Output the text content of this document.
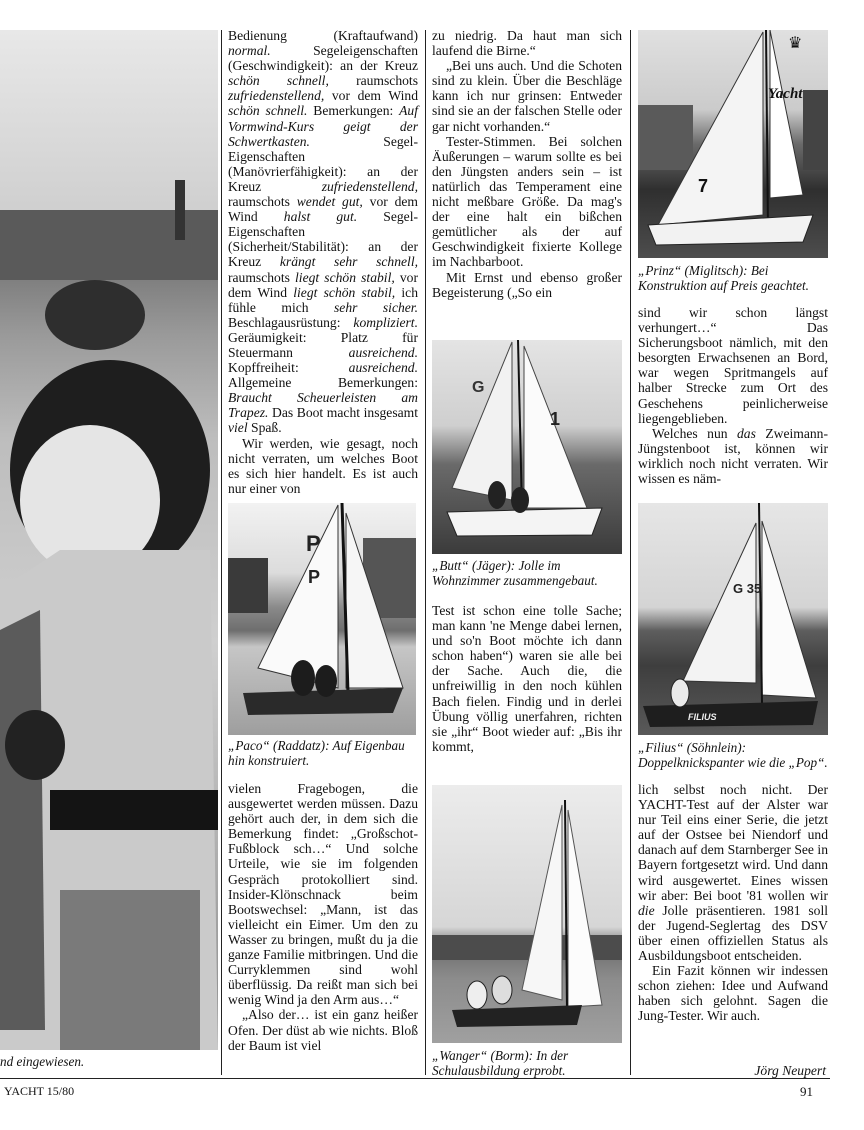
nd eingewiesen.

Bedienung (Kraftaufwand) normal. Segeleigenschaften (Geschwindigkeit): an der Kreuz schön schnell, raumschots zufriedenstellend, vor dem Wind schön schnell. Bemerkungen: Auf Vormwind-Kurs geigt der Schwertkasten. Segel-Eigenschaften (Manövrierfähigkeit): an der Kreuz zufriedenstellend, raumschots wendet gut, vor dem Wind halst gut. Segel-Eigenschaften (Sicherheit/Stabilität): an der Kreuz krängt sehr schnell, raumschots liegt schön stabil, vor dem Wind liegt schön stabil, ich fühle mich sehr sicher. Beschlagausrüstung: kompliziert. Geräumigkeit: Platz für Steuermann ausreichend. Kopffreiheit: ausreichend. Allgemeine Bemerkungen: Braucht Scheuerleisten am Trapez. Das Boot macht insgesamt viel Spaß.

Wir werden, wie gesagt, noch nicht verraten, um welches Boot es sich hier handelt. Es ist auch nur einer von

P
P
„Paco“ (Raddatz): Auf Eigenbau hin konstruiert.

vielen Fragebogen, die ausgewertet werden müssen. Dazu gehört auch der, in dem sich die Bemerkung findet: „Großschot-Fußblock sch…“ Und solche Urteile, wie sie im folgenden Gespräch protokolliert sind. Insider-Klönschnack beim Bootswechsel: „Mann, ist das vielleicht ein Eimer. Um den zu Wasser zu bringen, mußt du ja die ganze Familie mitbringen. Und die Curryklemmen sind wohl überflüssig. Da reißt man sich bei wenig Wind ja den Arm aus…“

„Also der… ist ein ganz heißer Ofen. Der düst ab wie nichts. Bloß der Baum ist viel

zu niedrig. Da haut man sich laufend die Birne.“

„Bei uns auch. Und die Schoten sind zu klein. Über die Beschläge kann ich nur grinsen: Entweder sind sie an der falschen Stelle oder gar nicht vorhanden.“

Tester-Stimmen. Bei solchen Äußerungen – warum sollte es bei den Jüngsten anders sein – ist natürlich das Temperament eine nicht meßbare Größe. Da mag's der eine halt ein bißchen gemütlicher als der auf Geschwindigkeit fixierte Kollege im Nachbarboot.

Mit Ernst und ebenso großer Begeisterung („So ein

G
1
„Butt“ (Jäger): Jolle im Wohnzimmer zusammengebaut.

Test ist schon eine tolle Sache; man kann 'ne Menge dabei lernen, und so'n Boot möchte ich dann schon haben“) waren sie alle bei der Sache. Auch die, die unfreiwillig in den noch kühlen Bach fielen. Findig und in derlei Übung völlig unerfahren, richten sie „ihr“ Boot wieder auf: „Bis ihr kommt,

„Wanger“ (Borm): In der Schulausbildung erprobt.
Yacht
7
♛
„Prinz“ (Miglitsch): Bei Konstruktion auf Preis geachtet.

sind wir schon längst verhungert…“ Das Sicherungsboot nämlich, mit den besorgten Erwachsenen an Bord, war wegen Spritmangels auf halber Strecke zum Ort des Geschehens peinlicherweise liegengeblieben.

Welches nun das Zweimann-Jüngstenboot ist, können wir wirklich noch nicht verraten. Wir wissen es näm-

G 35
FILIUS
„Filius“ (Söhnlein): Doppelknickspanter wie die „Pop“.

lich selbst noch nicht. Der YACHT-Test auf der Alster war nur Teil eins einer Serie, die jetzt auf der Ostsee bei Niendorf und danach auf dem Starnberger See in Bayern fortgesetzt wird. Und dann wird ausgewertet. Eines wissen wir aber: Bei boot '81 wollen wir die Jolle präsentieren. 1981 soll der Jugend-Seglertag des DSV über einen offiziellen Status als Ausbildungsboot entscheiden.

Ein Fazit können wir indessen schon ziehen: Idee und Aufwand haben sich gelohnt. Sagen die Jung-Tester. Wir auch.

Jörg Neupert
YACHT 15/80	91
